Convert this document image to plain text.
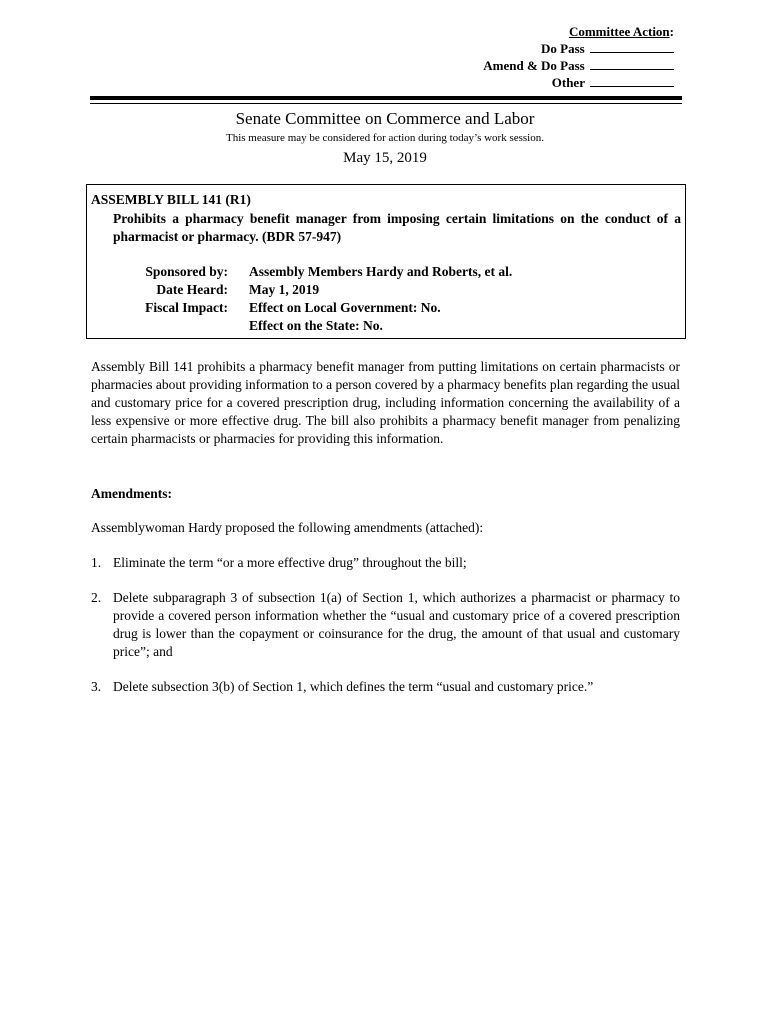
Committee Action:
Do Pass
Amend & Do Pass
Other
Senate Committee on Commerce and Labor
This measure may be considered for action during today’s work session.
May 15, 2019
ASSEMBLY BILL 141 (R1)
Prohibits a pharmacy benefit manager from imposing certain limitations on the conduct of a pharmacist or pharmacy. (BDR 57-947)
Sponsored by:	Assembly Members Hardy and Roberts, et al.
Date Heard:	May 1, 2019
Fiscal Impact:	Effect on Local Government: No.
Effect on the State: No.
Assembly Bill 141 prohibits a pharmacy benefit manager from putting limitations on certain pharmacists or pharmacies about providing information to a person covered by a pharmacy benefits plan regarding the usual and customary price for a covered prescription drug, including information concerning the availability of a less expensive or more effective drug. The bill also prohibits a pharmacy benefit manager from penalizing certain pharmacists or pharmacies for providing this information.
Amendments:
Assemblywoman Hardy proposed the following amendments (attached):
1. Eliminate the term “or a more effective drug” throughout the bill;
2. Delete subparagraph 3 of subsection 1(a) of Section 1, which authorizes a pharmacist or pharmacy to provide a covered person information whether the “usual and customary price of a covered prescription drug is lower than the copayment or coinsurance for the drug, the amount of that usual and customary price”; and
3. Delete subsection 3(b) of Section 1, which defines the term “usual and customary price.”
